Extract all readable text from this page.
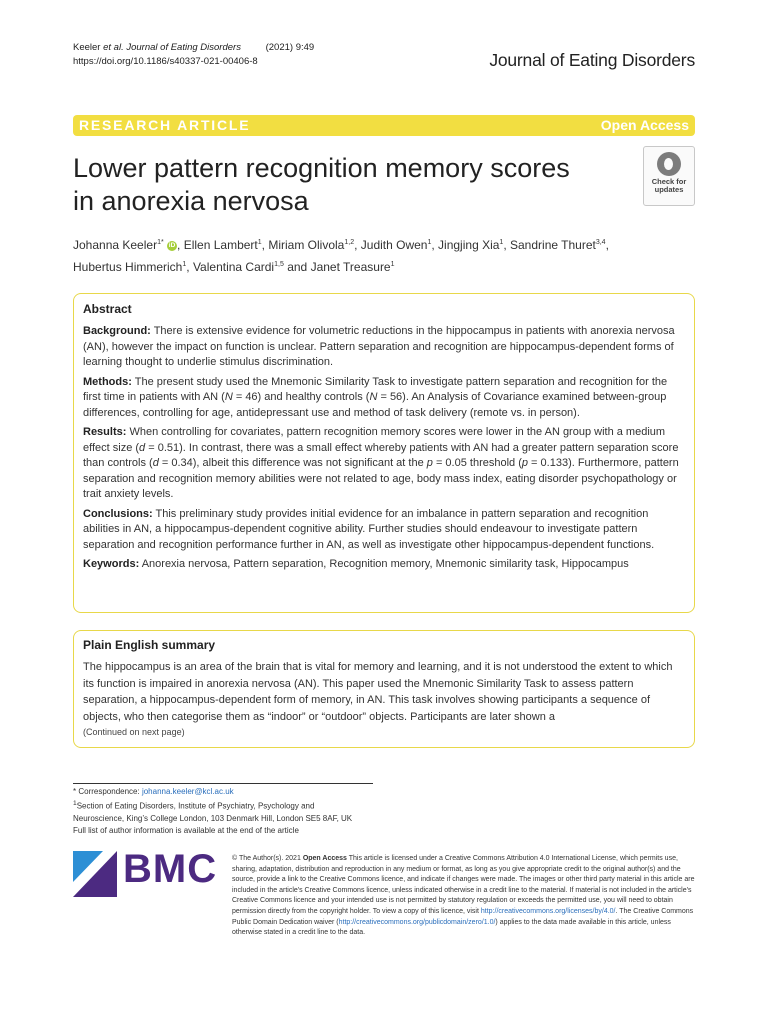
Keeler et al. Journal of Eating Disorders	(2021) 9:49
https://doi.org/10.1186/s40337-021-00406-8	Journal of Eating Disorders
RESEARCH ARTICLE	Open Access
Lower pattern recognition memory scores
in anorexia nervosa
Check for
updates
Johanna Keeler$^{1*}$ iD , Ellen Lambert$^1$, Miriam Olivola$^{1,2}$, Judith Owen$^1$, Jingjing Xia$^1$, Sandrine Thuret$^{3,4}$,
Hubertus Himmerich$^1$, Valentina Cardi$^{1,5}$ and Janet Treasure$^1$
Abstract

Background: There is extensive evidence for volumetric reductions in the hippocampus in patients with anorexia nervosa (AN), however the impact on function is unclear. Pattern separation and recognition are hippocampus-dependent forms of learning thought to underlie stimulus discrimination.

Methods: The present study used the Mnemonic Similarity Task to investigate pattern separation and recognition for the first time in patients with AN (N = 46) and healthy controls (N = 56). An Analysis of Covariance examined between-group differences, controlling for age, antidepressant use and method of task delivery (remote vs. in person).

Results: When controlling for covariates, pattern recognition memory scores were lower in the AN group with a medium effect size (d = 0.51). In contrast, there was a small effect whereby patients with AN had a greater pattern separation score than controls (d = 0.34), albeit this difference was not significant at the p = 0.05 threshold (p = 0.133). Furthermore, pattern separation and recognition memory abilities were not related to age, body mass index, eating disorder psychopathology or trait anxiety levels.

Conclusions: This preliminary study provides initial evidence for an imbalance in pattern separation and recognition abilities in AN, a hippocampus-dependent cognitive ability. Further studies should endeavour to investigate pattern separation and recognition performance further in AN, as well as investigate other hippocampus-dependent functions.

Keywords: Anorexia nervosa, Pattern separation, Recognition memory, Mnemonic similarity task, Hippocampus

Plain English summary

The hippocampus is an area of the brain that is vital for memory and learning, and it is not understood the extent to which its function is impaired in anorexia nervosa (AN). This paper used the Mnemonic Similarity Task to assess pattern separation, a hippocampus-dependent form of memory, in AN. This task involves showing participants a sequence of objects, who then categorise them as “indoor” or “outdoor” objects. Participants are later shown a

(Continued on next page)
* Correspondence: johanna.keeler@kcl.ac.uk
$^1$Section of Eating Disorders, Institute of Psychiatry, Psychology and
Neuroscience, King’s College London, 103 Denmark Hill, London SE5 8AF, UK
Full list of author information is available at the end of the article
BMC © The Author(s). 2021 Open Access This article is licensed under a Creative Commons Attribution 4.0 International License, which permits use, sharing, adaptation, distribution and reproduction in any medium or format, as long as you give appropriate credit to the original author(s) and the source, provide a link to the Creative Commons licence, and indicate if changes were made. The images or other third party material in this article are included in the article's Creative Commons licence, unless indicated otherwise in a credit line to the material. If material is not included in the article's Creative Commons licence and your intended use is not permitted by statutory regulation or exceeds the permitted use, you will need to obtain permission directly from the copyright holder. To view a copy of this licence, visit http://creativecommons.org/licenses/by/4.0/. The Creative Commons Public Domain Dedication waiver (http://creativecommons.org/publicdomain/zero/1.0/) applies to the data made available in this article, unless otherwise stated in a credit line to the data.
